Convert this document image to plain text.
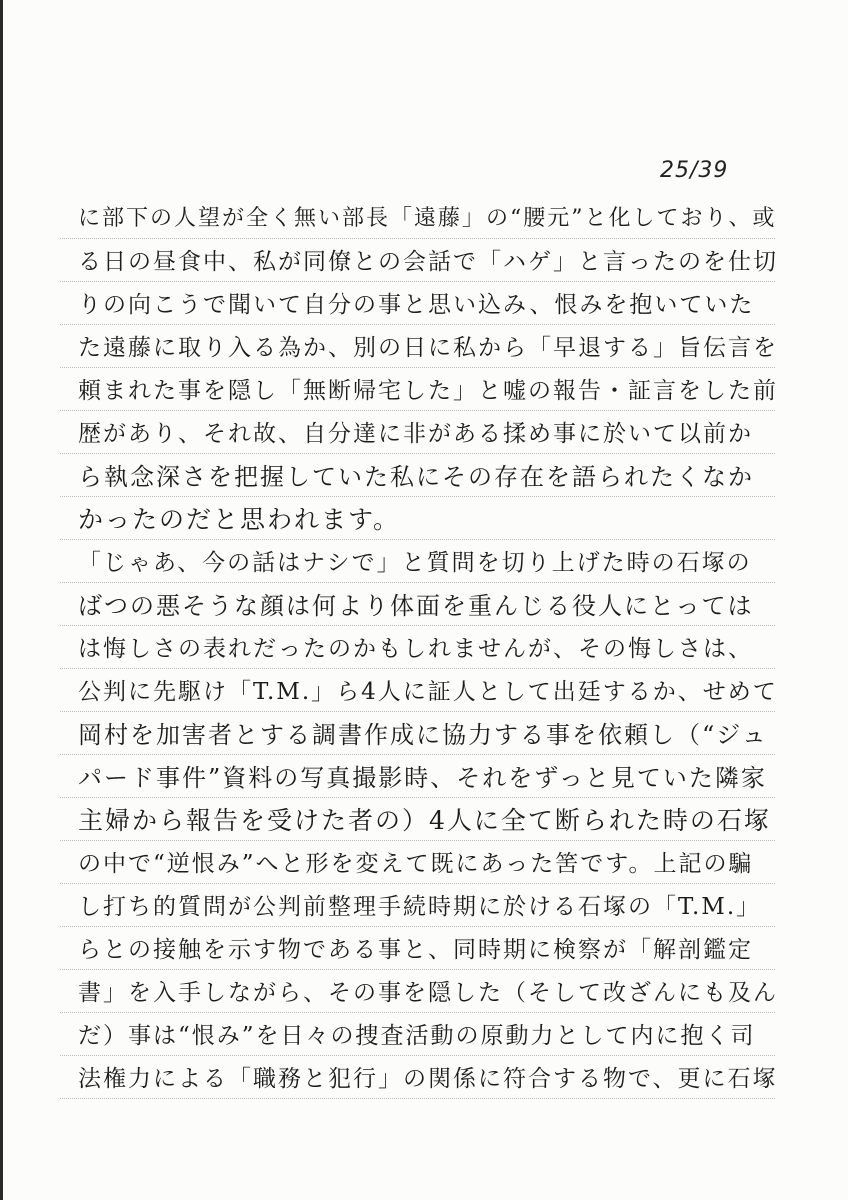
25/39
に部下の人望が全く無い部長「遠藤」の“腰元”と化しており、或
る日の昼食中、私が同僚との会話で「ハゲ」と言ったのを仕切
りの向こうで聞いて自分の事と思い込み、恨みを抱いていた
た遠藤に取り入る為か、別の日に私から「早退する」旨伝言を
頼まれた事を隠し「無断帰宅した」と嘘の報告・証言をした前
歴があり、それ故、自分達に非がある揉め事に於いて以前か
ら執念深さを把握していた私にその存在を語られたくなか
かったのだと思われます。
「じゃあ、今の話はナシで」と質問を切り上げた時の石塚の
ばつの悪そうな顔は何より体面を重んじる役人にとっては
は悔しさの表れだったのかもしれませんが、その悔しさは、
公判に先駆け「T.M.」ら4人に証人として出廷するか、せめて
岡村を加害者とする調書作成に協力する事を依頼し（“ジュ
パード事件”資料の写真撮影時、それをずっと見ていた隣家
主婦から報告を受けた者の）4人に全て断られた時の石塚
の中で“逆恨み”へと形を変えて既にあった筈です。上記の騙
し打ち的質問が公判前整理手続時期に於ける石塚の「T.M.」
らとの接触を示す物である事と、同時期に検察が「解剖鑑定
書」を入手しながら、その事を隠した（そして改ざんにも及ん
だ）事は“恨み”を日々の捜査活動の原動力として内に抱く司
法権力による「職務と犯行」の関係に符合する物で、更に石塚
